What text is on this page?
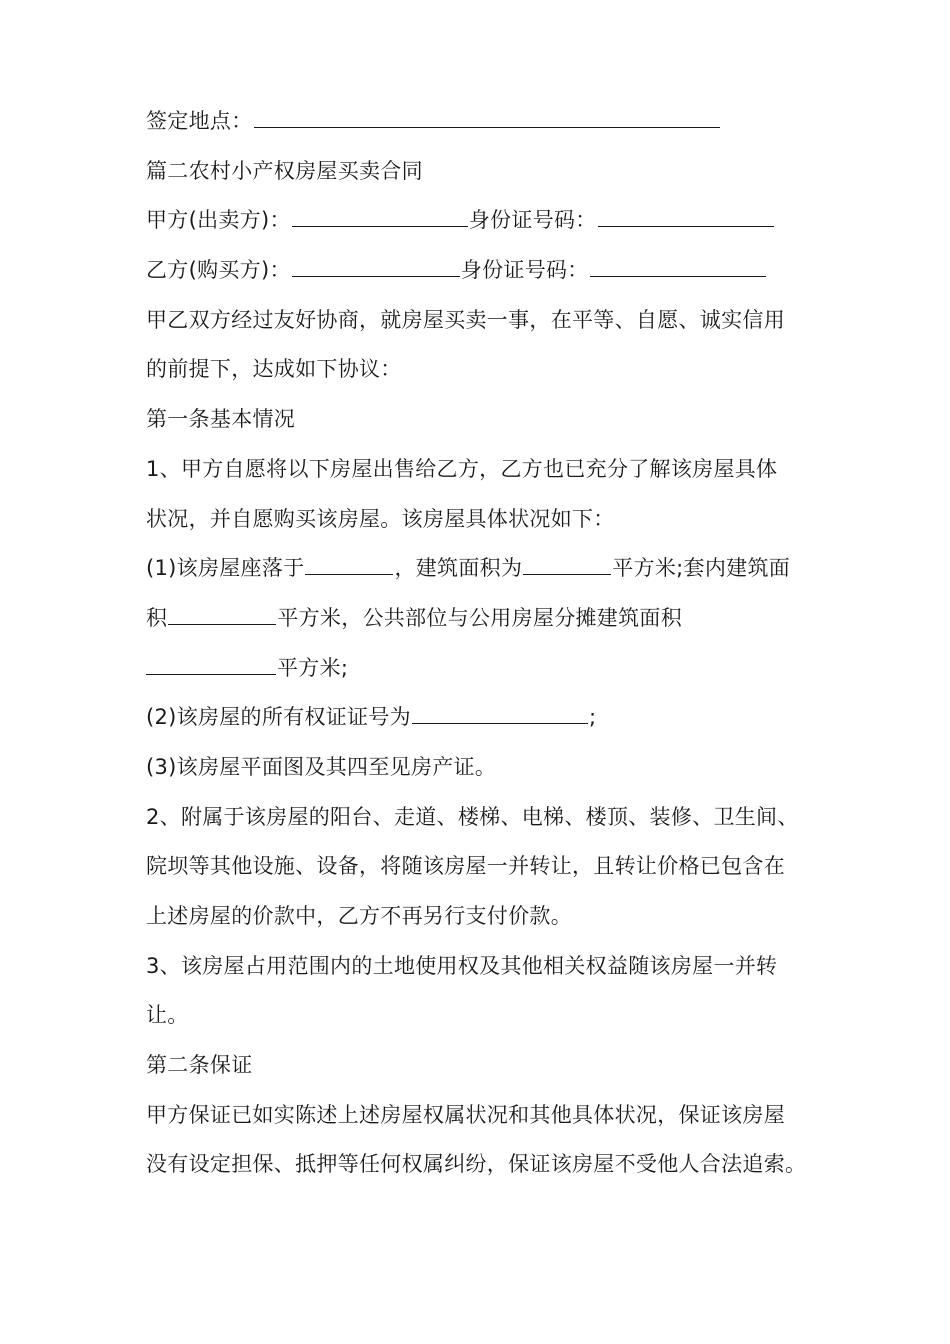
签定地点：
篇二农村小产权房屋买卖合同
甲方(出卖方)：	身份证号码：
乙方(购买方)：	身份证号码：
甲乙双方经过友好协商，就房屋买卖一事，在平等、自愿、诚实信用
的前提下，达成如下协议：
第一条基本情况
1、甲方自愿将以下房屋出售给乙方，乙方也已充分了解该房屋具体
状况，并自愿购买该房屋。该房屋具体状况如下：
(1)该房屋座落于	，建筑面积为	平方米;套内建筑面
积	平方米，公共部位与公用房屋分摊建筑面积
平方米;
(2)该房屋的所有权证证号为	;
(3)该房屋平面图及其四至见房产证。
2、附属于该房屋的阳台、走道、楼梯、电梯、楼顶、装修、卫生间、
院坝等其他设施、设备，将随该房屋一并转让，且转让价格已包含在
上述房屋的价款中，乙方不再另行支付价款。
3、该房屋占用范围内的土地使用权及其他相关权益随该房屋一并转
让。
第二条保证
甲方保证已如实陈述上述房屋权属状况和其他具体状况，保证该房屋
没有设定担保、抵押等任何权属纠纷，保证该房屋不受他人合法追索。
